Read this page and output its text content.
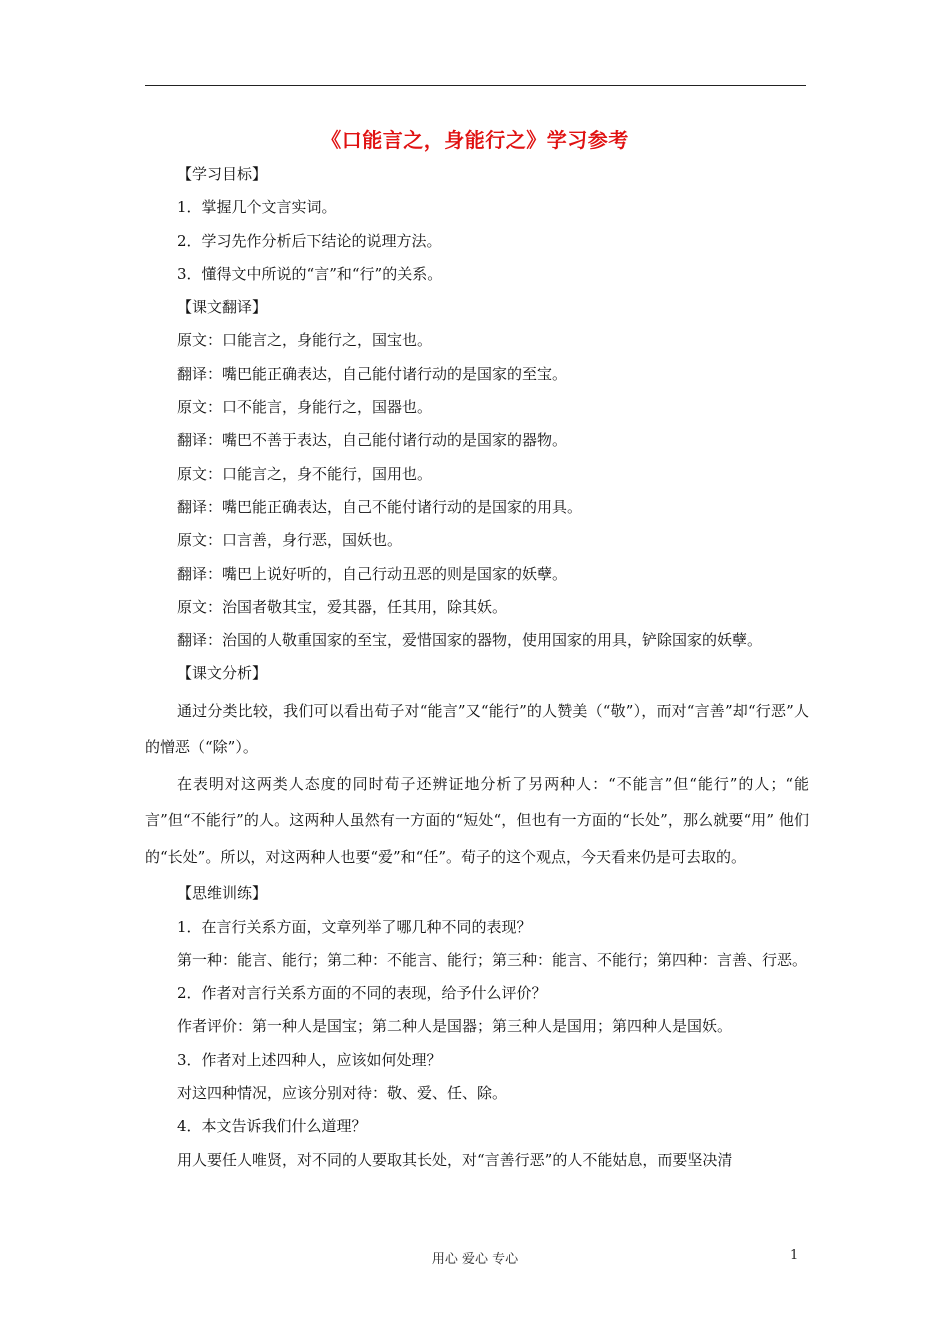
《口能言之，身能行之》学习参考
【学习目标】
1．掌握几个文言实词。
2．学习先作分析后下结论的说理方法。
3．懂得文中所说的“言”和“行”的关系。
【课文翻译】
原文：口能言之，身能行之，国宝也。
翻译：嘴巴能正确表达，自己能付诸行动的是国家的至宝。
原文：口不能言，身能行之，国器也。
翻译：嘴巴不善于表达，自己能付诸行动的是国家的器物。
原文：口能言之，身不能行，国用也。
翻译：嘴巴能正确表达，自己不能付诸行动的是国家的用具。
原文：口言善，身行恶，国妖也。
翻译：嘴巴上说好听的，自己行动丑恶的则是国家的妖孽。
原文：治国者敬其宝，爱其器，任其用，除其妖。
翻译：治国的人敬重国家的至宝，爱惜国家的器物，使用国家的用具，铲除国家的妖孽。
【课文分析】

通过分类比较，我们可以看出荀子对“能言”又“能行”的人赞美（“敬”），而对“言善”却“行恶”人的憎恶（“除”）。

在表明对这两类人态度的同时荀子还辨证地分析了另两种人：“不能言”但“能行”的人；“能言”但“不能行”的人。这两种人虽然有一方面的“短处“，但也有一方面的“长处”，那么就要“用” 他们的“长处”。所以，对这两种人也要“爱”和“任”。荀子的这个观点，今天看来仍是可去取的。

【思维训练】
1．在言行关系方面，文章列举了哪几种不同的表现？
第一种：能言、能行；第二种：不能言、能行；第三种：能言、不能行；第四种：言善、行恶。
2．作者对言行关系方面的不同的表现，给予什么评价？
作者评价：第一种人是国宝；第二种人是国器；第三种人是国用；第四种人是国妖。
3．作者对上述四种人，应该如何处理？
对这四种情况，应该分别对待：敬、爱、任、除。
4．本文告诉我们什么道理？
用人要任人唯贤，对不同的人要取其长处，对“言善行恶”的人不能姑息，而要坚决清
用心 爱心 专心	1
